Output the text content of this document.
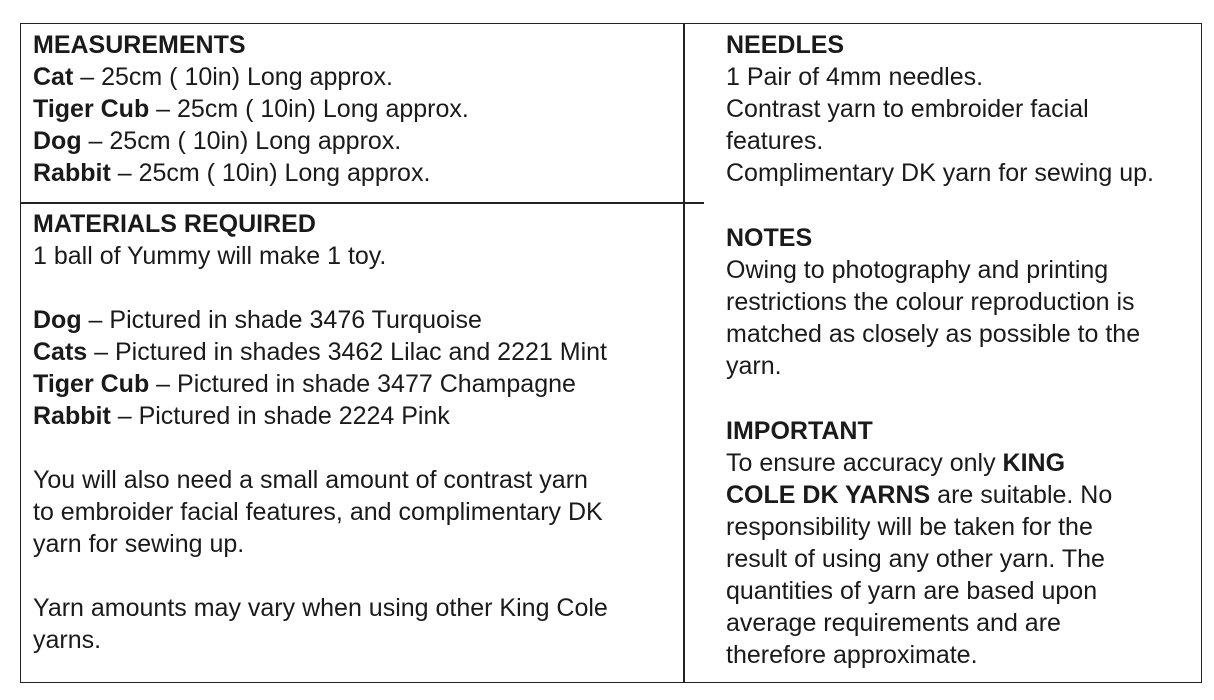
MEASUREMENTS

Cat – 25cm ( 10in) Long approx.

Tiger Cub – 25cm ( 10in) Long approx.

Dog – 25cm ( 10in) Long approx.

Rabbit – 25cm ( 10in) Long approx.

MATERIALS REQUIRED

1 ball of Yummy will make 1 toy.

Dog – Pictured in shade 3476 Turquoise

Cats – Pictured in shades 3462 Lilac and 2221 Mint

Tiger Cub – Pictured in shade 3477 Champagne

Rabbit – Pictured in shade 2224 Pink

You will also need a small amount of contrast yarn

to embroider facial features, and complimentary DK

yarn for sewing up.

Yarn amounts may vary when using other King Cole

yarns.

NEEDLES

1 Pair of 4mm needles.

Contrast yarn to embroider facial

features.

Complimentary DK yarn for sewing up.

NOTES

Owing to photography and printing

restrictions the colour reproduction is

matched as closely as possible to the

yarn.

IMPORTANT

To ensure accuracy only KING

COLE DK YARNS are suitable. No

responsibility will be taken for the

result of using any other yarn. The

quantities of yarn are based upon

average requirements and are

therefore approximate.
